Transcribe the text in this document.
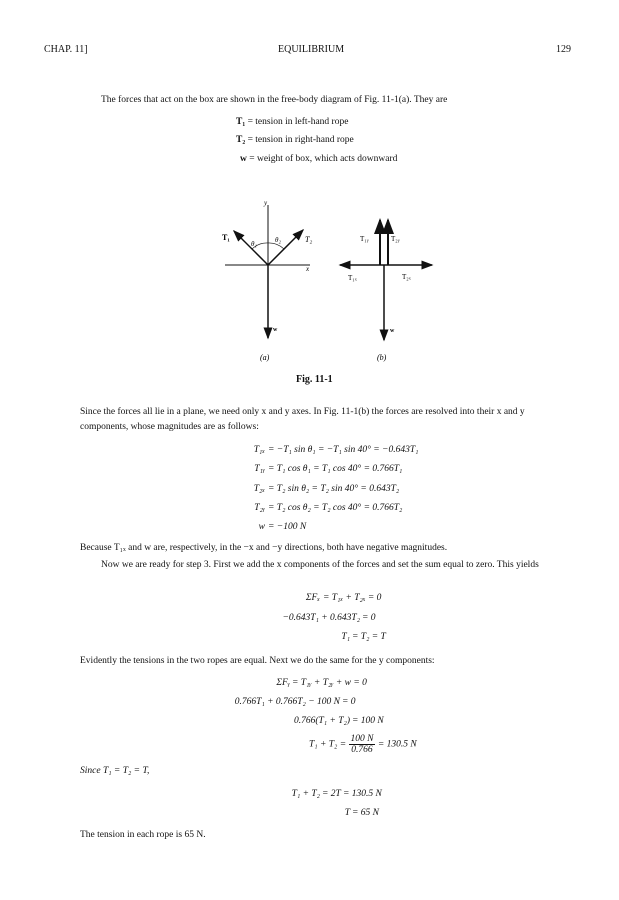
CHAP. 11]	EQUILIBRIUM	129
The forces that act on the box are shown in the free-body diagram of Fig. 11-1(a). They are
T₁ = tension in left-hand rope
T₂ = tension in right-hand rope
w = weight of box, which acts downward
y
x
T₁	T₂
θ₁	θ₂
w
(a)
T₁ᵧ	T₂ᵧ
T₁ₓ	T₂ₓ
w
(b)
Fig. 11-1
Since the forces all lie in a plane, we need only x and y axes. In Fig. 11-1(b) the forces are resolved into their x and y components, whose magnitudes are as follows:
T₁ₓ = −T₁ sin θ₁ = −T₁ sin 40° = −0.643T₁
T₁ᵧ = T₁ cos θ₁ = T₁ cos 40° = 0.766T₁
T₂ₓ = T₂ sin θ₂ = T₂ sin 40° = 0.643T₂
T₂ᵧ = T₂ cos θ₂ = T₂ cos 40° = 0.766T₂
w = −100 N
Because T₁ₓ and w are, respectively, in the −x and −y directions, both have negative magnitudes.
Now we are ready for step 3. First we add the x components of the forces and set the sum equal to zero. This yields
ΣFₓ = T₁ₓ + T₂ₓ = 0
−0.643T₁ + 0.643T₂ = 0
T₁ = T₂ = T
Evidently the tensions in the two ropes are equal. Next we do the same for the y components:
ΣFᵧ = T₁ᵧ + T₂ᵧ + w = 0
0.766T₁ + 0.766T₂ − 100 N = 0
0.766(T₁ + T₂) = 100 N
$T_1 + T_2 = \frac{100 N}{0.766} = 130.5$ N
Since T₁ = T₂ = T,
T₁ + T₂ = 2T = 130.5 N
T = 65 N
The tension in each rope is 65 N.
